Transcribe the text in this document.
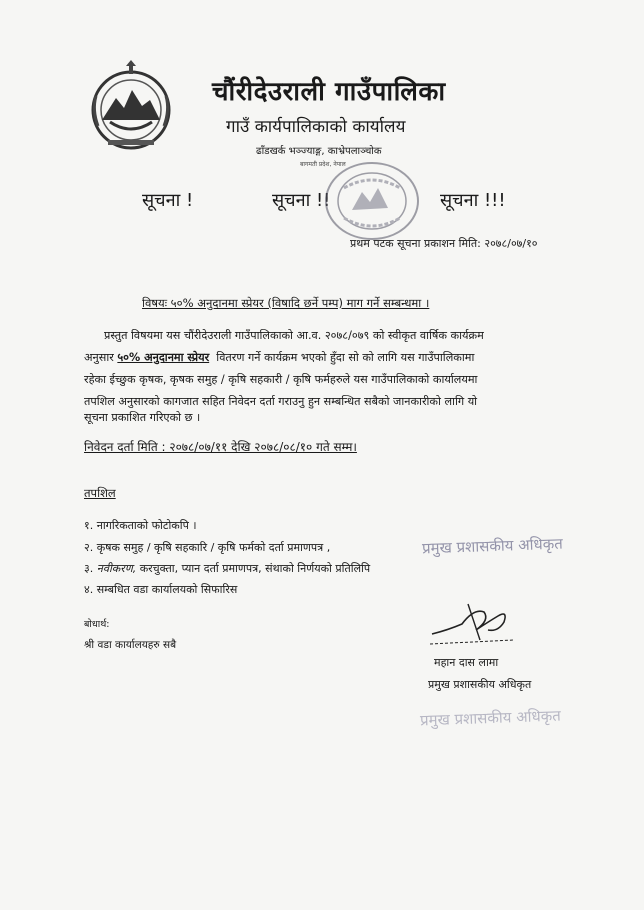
चौंरीदेउराली गाउँपालिका
गाउँ कार्यपालिकाको कार्यालय
ढाँडखर्क भञ्ज्याङ्ग, काभ्रेपलाञ्चोक
बागमती प्रदेश, नेपाल
सूचना !	सूचना !!	सूचना !!!
प्रथम पटक सूचना प्रकाशन मिति: २०७८/०७/१०
विषयः ५०% अनुदानमा स्प्रेयर (विषादि छर्ने पम्प) माग गर्ने सम्बन्धमा ।
प्रस्तुत विषयमा यस चौंरीदेउराली गाउँपालिकाको आ.व. २०७८/०७९ को स्वीकृत वार्षिक कार्यक्रम
अनुसार ५०% अनुदानमा स्प्रेयर वितरण गर्ने कार्यक्रम भएको हुँदा सो को लागि यस गाउँपालिकामा
रहेका ईच्छुक कृषक, कृषक समुह / कृषि सहकारी / कृषि फर्महरुले यस गाउँपालिकाको कार्यालयमा
तपशिल अनुसारको कागजात सहित निवेदन दर्ता गराउनु हुन सम्बन्धित सबैको जानकारीको लागि यो
सूचना प्रकाशित गरिएको छ ।
निवेदन दर्ता मिति : २०७८/०७/११ देखि २०७८/०८/१० गते सम्म।
तपशिल
१. नागरिकताको फोटोकपि ।
२. कृषक समुह / कृषि सहकारि / कृषि फर्मको दर्ता प्रमाणपत्र ,
३. नवीकरण, करचुक्ता, प्यान दर्ता प्रमाणपत्र, संथाको निर्णयको प्रतिलिपि
४. सम्बधित वडा कार्यालयको सिफारिस
बोधार्थ:
श्री वडा कार्यालयहरु सबै
प्रमुख प्रशासकीय अधिकृत
प्रमुख प्रशासकीय अधिकृत
महान दास लामा
प्रमुख प्रशासकीय अधिकृत
